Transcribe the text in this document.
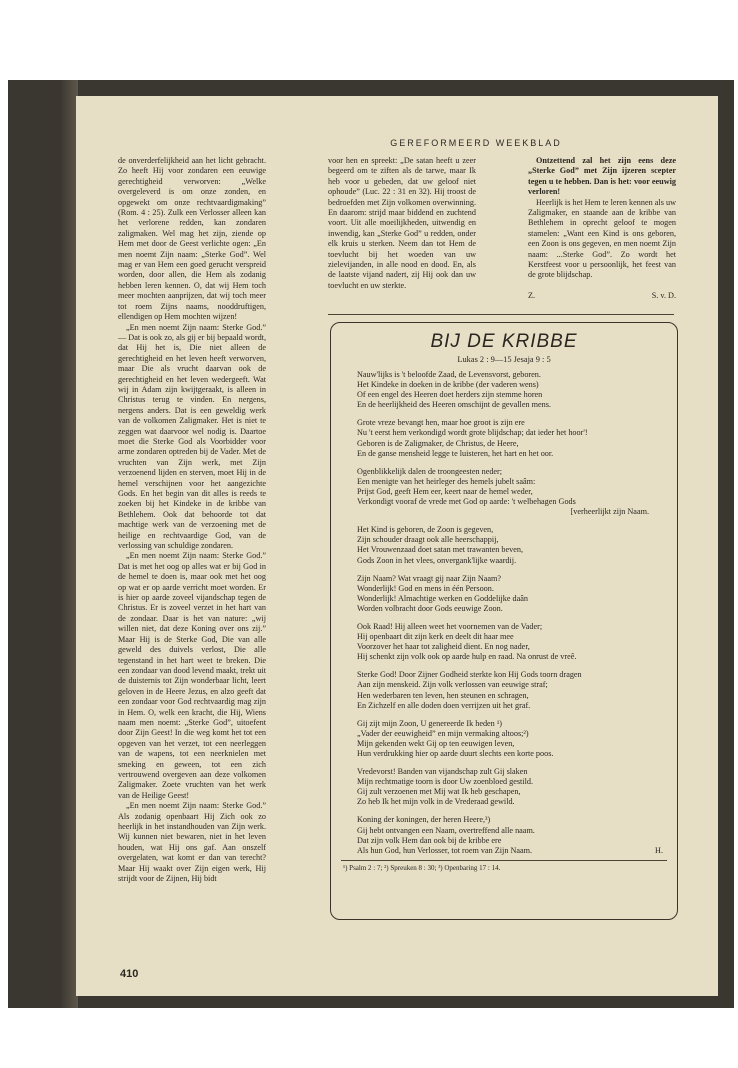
GEREFORMEERD WEEKBLAD

de onverderfelijkheid aan het licht gebracht. Zo heeft Hij voor zondaren een eeuwige gerechtigheid verworven: „Welke overgeleverd is om onze zonden, en opgewekt om onze rechtvaardigmaking” (Rom. 4 : 25). Zulk een Verlosser alleen kan het verlorene redden, kan zondaren zaligmaken. Wel mag het zijn, ziende op Hem met door de Geest verlichte ogen: „En men noemt Zijn naam: „Sterke God”. Wel mag er van Hem een goed gerucht verspreid worden, door allen, die Hem als zodanig hebben leren kennen. O, dat wij Hem toch meer mochten aanprijzen, dat wij toch meer tot roem Zijns naams, nooddruftigen, ellendigen op Hem mochten wijzen!

„En men noemt Zijn naam: Sterke God.” — Dat is ook zo, als gij er bij bepaald wordt, dat Hij het is, Die niet alleen de gerechtigheid en het leven heeft verworven, maar Die als vrucht daarvan ook de gerechtigheid en het leven wedergeeft. Wat wij in Adam zijn kwijtgeraakt, is alleen in Christus terug te vinden. En nergens, nergens anders. Dat is een geweldig werk van de volkomen Zaligmaker. Het is niet te zeggen wat daarvoor wel nodig is. Daartoe moet die Sterke God als Voorbidder voor arme zondaren optreden bij de Vader. Met de vruchten van Zijn werk, met Zijn verzoenend lijden en sterven, moet Hij in de hemel verschijnen voor het aangezichte Gods. En het begin van dit alles is reeds te zoeken bij het Kindeke in de kribbe van Bethlehem. Ook dat behoorde tot dat machtige werk van de verzoening met de heilige en rechtvaardige God, van de verlossing van schuldige zondaren.

„En men noemt Zijn naam: Sterke God.” Dat is met het oog op alles wat er bij God in de hemel te doen is, maar ook met het oog op wat er op aarde verricht moet worden. Er is hier op aarde zoveel vijandschap tegen de Christus. Er is zoveel verzet in het hart van de zondaar. Daar is het van nature: „wij willen niet, dat deze Koning over ons zij.” Maar Hij is de Sterke God, Die van alle geweld des duivels verlost, Die alle tegenstand in het hart weet te breken. Die een zondaar van dood levend maakt, trekt uit de duisternis tot Zijn wonderbaar licht, leert geloven in de Heere Jezus, en alzo geeft dat een zondaar voor God rechtvaardig mag zijn in Hem. O, welk een kracht, die Hij, Wiens naam men noemt: „Sterke God”, uitoefent door Zijn Geest! In die weg komt het tot een opgeven van het verzet, tot een neerleggen van de wapens, tot een neerknielen met smeking en geween, tot een zich vertrouwend overgeven aan deze volkomen Zaligmaker. Zoete vruchten van het werk van de Heilige Geest!

„En men noemt Zijn naam: Sterke God.” Als zodanig openbaart Hij Zich ook zo heerlijk in het instandhouden van Zijn werk. Wij kunnen niet bewaren, niet in het leven houden, wat Hij ons gaf. Aan onszelf overgelaten, wat komt er dan van terecht? Maar Hij waakt over Zijn eigen werk, Hij strijdt voor de Zijnen, Hij bidt

voor hen en spreekt: „De satan heeft u zeer begeerd om te ziften als de tarwe, maar Ik heb voor u gebeden, dat uw geloof niet ophoude” (Luc. 22 : 31 en 32). Hij troost de bedroefden met Zijn volkomen overwinning. En daarom: strijd maar biddend en zuchtend voort. Uit alle moeilijkheden, uitwendig en inwendig, kan „Sterke God” u redden, onder elk kruis u sterken. Neem dan tot Hem de toevlucht bij het woeden van uw zielevijanden, in alle nood en dood. En, als de laatste vijand nadert, zij Hij ook dan uw toevlucht en uw sterkte.

Ontzettend zal het zijn eens deze „Sterke God” met Zijn ijzeren scepter tegen u te hebben. Dan is het: voor eeuwig verloren!

Heerlijk is het Hem te leren kennen als uw Zaligmaker, en staande aan de kribbe van Bethlehem in oprecht geloof te mogen stamelen: „Want een Kind is ons geboren, een Zoon is ons gegeven, en men noemt Zijn naam: ...Sterke God”. Zo wordt het Kerstfeest voor u persoonlijk, het feest van de grote blijdschap.

Z.	S. v. D.
BIJ DE KRIBBE
Lukas 2 : 9—15 Jesaja 9 : 5
Nauw'lijks is 't beloofde Zaad, de Levensvorst, geboren.
Het Kindeke in doeken in de kribbe (der vaderen wens)
Of een engel des Heeren doet herders zijn stemme horen
En de heerlijkheid des Heeren omschijnt de gevallen mens.
Grote vreze bevangt hen, maar hoe groot is zijn ere
Nu 't eerst hem verkondigd wordt grote blijdschap; dat ieder het hoor'!
Geboren is de Zaligmaker, de Christus, de Heere,
En de ganse mensheid legge te luisteren, het hart en het oor.
Ogenblikkelijk dalen de troongeesten neder;
Een menigte van het heirleger des hemels jubelt saâm:
Prijst God, geeft Hem eer, keert naar de hemel weder,
Verkondigt vooraf de vrede met God op aarde: 't welbehagen Gods
[verheerlijkt zijn Naam.
Het Kind is geboren, de Zoon is gegeven,
Zijn schouder draagt ook alle heerschappij,
Het Vrouwenzaad doet satan met trawanten beven,
Gods Zoon in het vlees, onvergank'lijke waardij.
Zijn Naam? Wat vraagt gij naar Zijn Naam?
Wonderlijk! God en mens in één Persoon.
Wonderlijk! Almachtige werken en Goddelijke daân
Worden volbracht door Gods eeuwige Zoon.
Ook Raad! Hij alleen weet het voornemen van de Vader;
Hij openbaart dit zijn kerk en deelt dit haar mee
Voorzover het haar tot zaligheid dient. En nog nader,
Hij schenkt zijn volk ook op aarde hulp en raad. Na onrust de vreê.
Sterke God! Door Zijner Godheid sterkte kon Hij Gods toorn dragen
Aan zijn menskeid. Zijn volk verlossen van eeuwige straf;
Hen wederbaren ten leven, hen steunen en schragen,
En Zichzelf en alle doden doen verrijzen uit het graf.
Gij zijt mijn Zoon, U genereerde Ik heden ¹)
„Vader der eeuwigheid” en mijn vermaking altoos;²)
Mijn gekenden wekt Gij op ten eeuwigen leven,
Hun verdrukking hier op aarde duurt slechts een korte poos.
Vredevorst! Banden van vijandschap zult Gij slaken
Mijn rechtmatige toorn is door Uw zoenbloed gestild.
Gij zult verzoenen met Mij wat Ik heb geschapen,
Zo heb Ik het mijn volk in de Vrederaad gewild.
Koning der koningen, der heren Heere,³)
Gij hebt ontvangen een Naam, overtreffend alle naam.
Dat zijn volk Hem dan ook bij de kribbe ere
Als hun God, hun Verlosser, tot roem van Zijn Naam.	H.
¹) Psalm 2 : 7; ²) Spreuken 8 : 30; ³) Openbaring 17 : 14.
410
